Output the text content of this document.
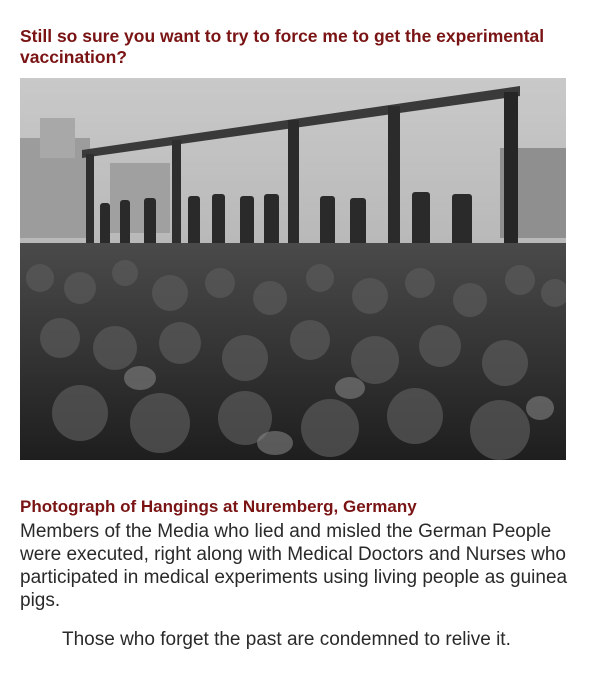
Still so sure you want to try to force me to get the experimental vaccination?

Photograph of Hangings at Nuremberg, Germany

Members of the Media who lied and misled the German People were executed, right along with Medical Doctors and Nurses who participated in medical experiments using living people as guinea pigs.

Those who forget the past are condemned to relive it.
